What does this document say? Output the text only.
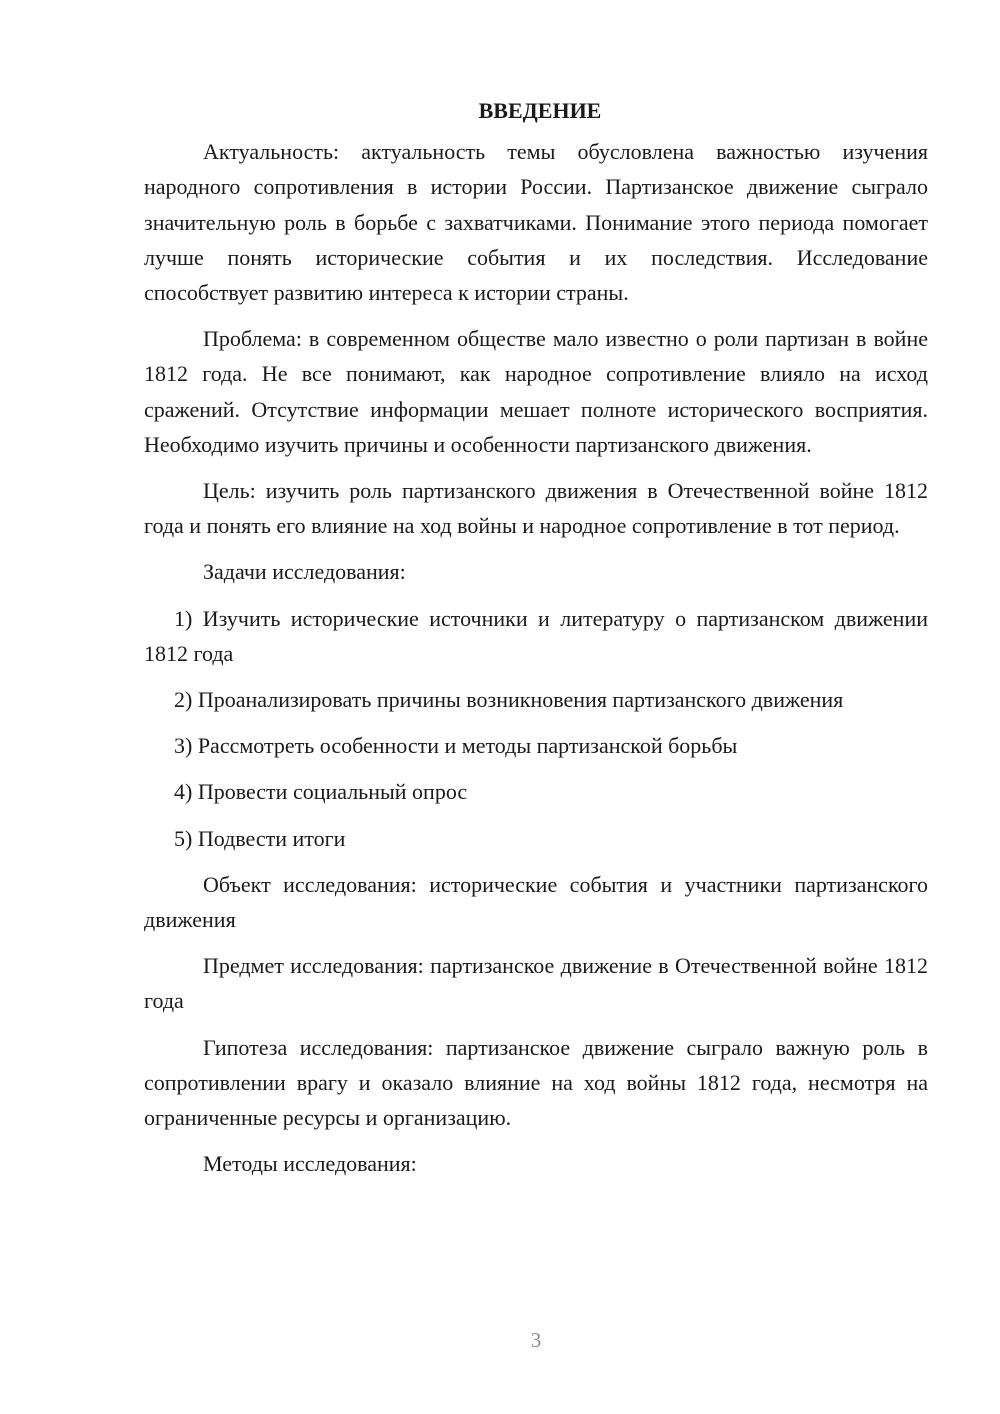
ВВЕДЕНИЕ

Актуальность: актуальность темы обусловлена важностью изучения народного сопротивления в истории России. Партизанское движение сыграло значительную роль в борьбе с захватчиками. Понимание этого периода помогает лучше понять исторические события и их последствия. Исследование способствует развитию интереса к истории страны.

Проблема: в современном обществе мало известно о роли партизан в войне 1812 года. Не все понимают, как народное сопротивление влияло на исход сражений. Отсутствие информации мешает полноте исторического восприятия. Необходимо изучить причины и особенности партизанского движения.

Цель: изучить роль партизанского движения в Отечественной войне 1812 года и понять его влияние на ход войны и народное сопротивление в тот период.

Задачи исследования:

1) Изучить исторические источники и литературу о партизанском движении 1812 года

2) Проанализировать причины возникновения партизанского движения

3) Рассмотреть особенности и методы партизанской борьбы

4) Провести социальный опрос

5) Подвести итоги

Объект исследования: исторические события и участники партизанского движения

Предмет исследования: партизанское движение в Отечественной войне 1812 года

Гипотеза исследования: партизанское движение сыграло важную роль в сопротивлении врагу и оказало влияние на ход войны 1812 года, несмотря на ограниченные ресурсы и организацию.

Методы исследования:

3
